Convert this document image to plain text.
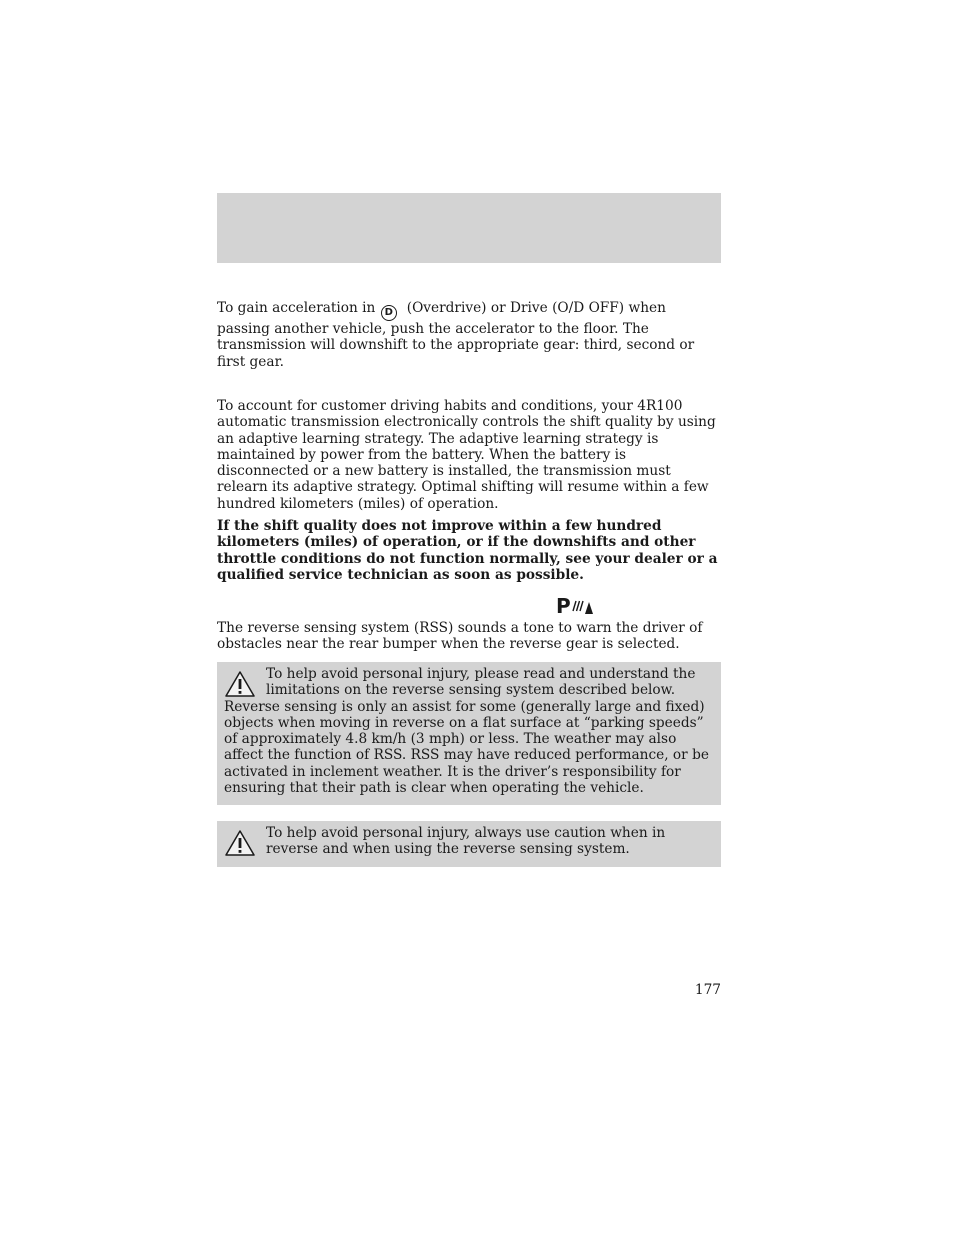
To gain acceleration in D (Overdrive) or Drive (O/D OFF) when passing another vehicle, push the accelerator to the floor. The transmission will downshift to the appropriate gear: third, second or first gear.

To account for customer driving habits and conditions, your 4R100 automatic transmission electronically controls the shift quality by using an adaptive learning strategy. The adaptive learning strategy is maintained by power from the battery. When the battery is disconnected or a new battery is installed, the transmission must relearn its adaptive strategy. Optimal shifting will resume within a few hundred kilometers (miles) of operation.

If the shift quality does not improve within a few hundred kilometers (miles) of operation, or if the downshifts and other throttle conditions do not function normally, see your dealer or a qualified service technician as soon as possible.

P

The reverse sensing system (RSS) sounds a tone to warn the driver of obstacles near the rear bumper when the reverse gear is selected.

To help avoid personal injury, please read and understand the limitations on the reverse sensing system described below. Reverse sensing is only an assist for some (generally large and fixed) objects when moving in reverse on a flat surface at “parking speeds” of approximately 4.8 km/h (3 mph) or less. The weather may also affect the function of RSS. RSS may have reduced performance, or be activated in inclement weather. It is the driver’s responsibility for ensuring that their path is clear when operating the vehicle.

To help avoid personal injury, always use caution when in reverse and when using the reverse sensing system.

177
